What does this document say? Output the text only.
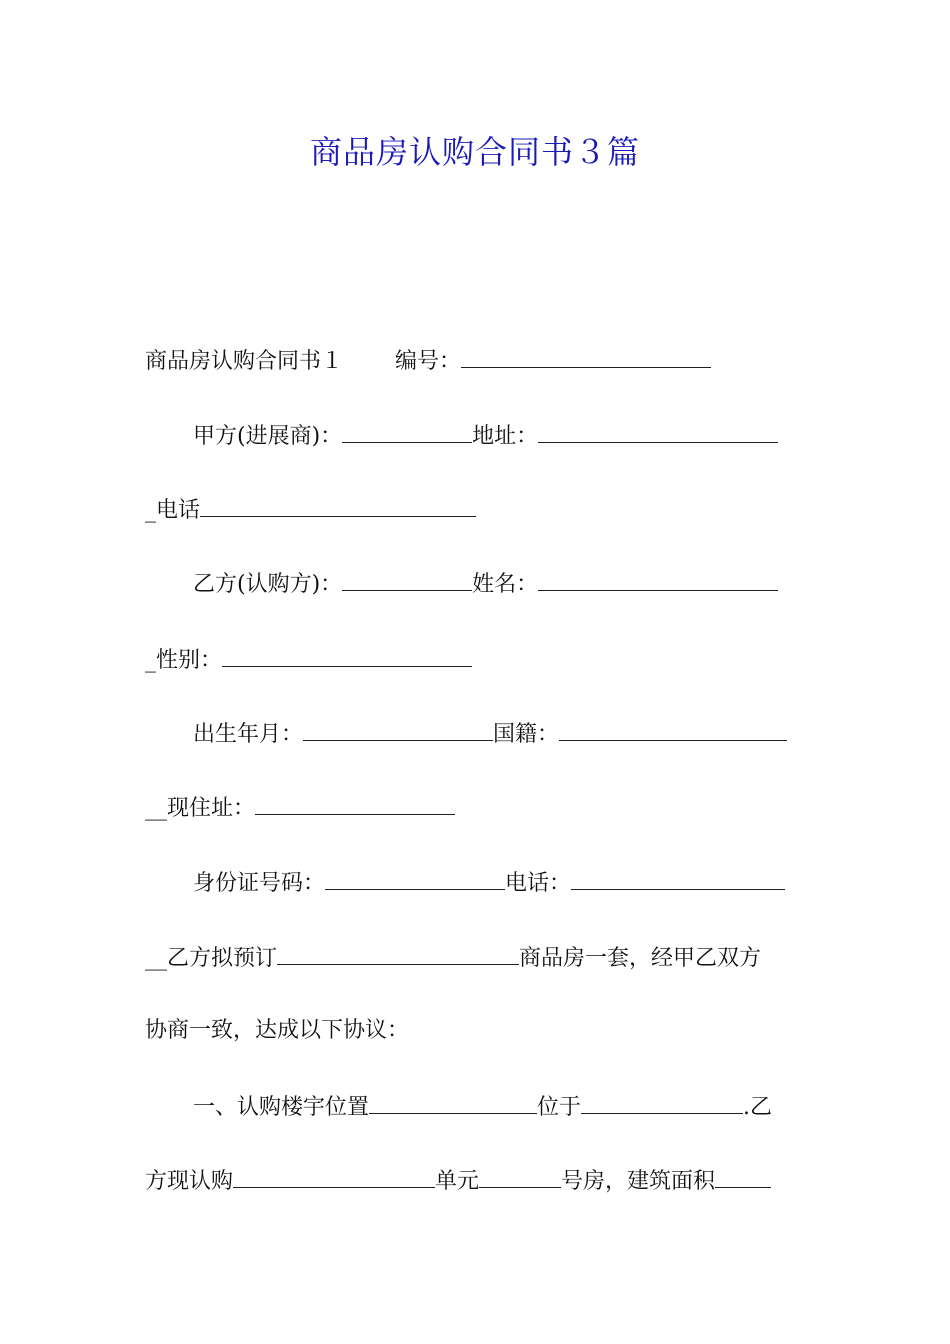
商品房认购合同书３篇
商品房认购合同书１ 编号：
甲方(进展商)：	地址：
_电话
乙方(认购方)：	姓名：
_性别：
出生年月：	国籍：
__现住址：
身份证号码：	电话：
__乙方拟预订	商品房一套，经甲乙双方
协商一致，达成以下协议：
一、认购楼宇位置	位于	.乙
方现认购	单元	号房，建筑面积
